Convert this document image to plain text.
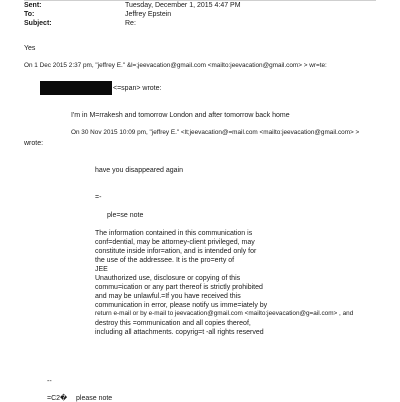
Sent:	Tuesday, December 1, 2015 4:47 PM
To:	Jeffrey Epstein
Subject:	Re:
Yes
On 1 Dec 2015 2:37 pm, "jeffrey E." &l=;jeevacation@gmail.com <mailto:jeevacation@gmail.com> > wr=te:
<=span> wrote:
I'm in M=rrakesh and tomorrow London and after tomorrow back home
On 30 Nov 2015 10:09 pm, "jeffrey E." <lt;jeevacation@=mail.com <mailto:jeevacation@gmail.com> >
wrote:
have you disappeared again
=-
ple=se note
The information contained in this communication is
conf=dential, may be attorney-client privileged, may
constitute inside infor=ation, and is intended only for
the use of the addressee. It is the pro=erty of
JEE
Unauthorized use, disclosure or copying of this
commu=ication or any part thereof is strictly prohibited
and may be unlawful.=If you have received this
communication in error, please notify us imme=iately by
return e-mail or by e-mail to jeevacation@gmail.com <mailto:jeevacation@g=ail.com> , and
destroy this =ommunication and all copies thereof,
including all attachments. copyrig=t -all rights reserved
--
=C2� please note
